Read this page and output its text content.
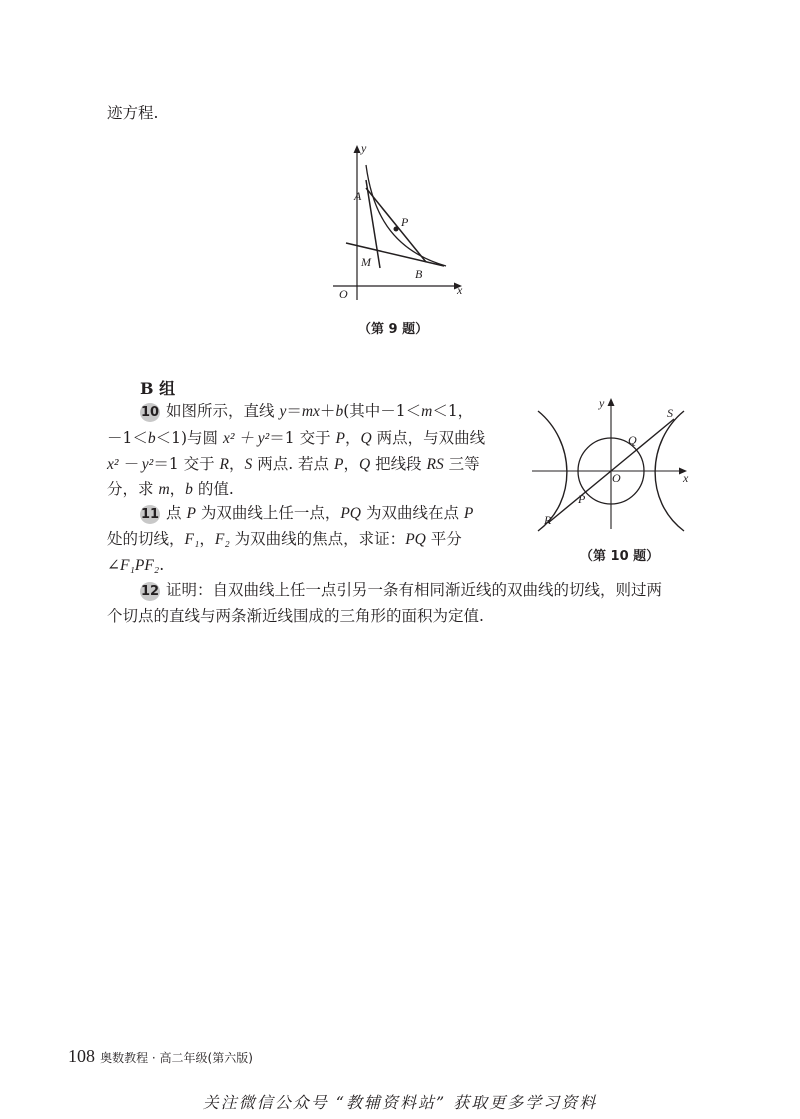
迹方程.
y
A
P
M
B
O	x
（第 9 题）
B 组
y
S
Q
O	x
P
R
（第 10 题）
10 如图所示，直线 y＝mx＋b(其中－1＜m＜1，
－1＜b＜1)与圆 x² ＋ y²＝1 交于 P，Q 两点，与双曲线
x² － y²＝1 交于 R，S 两点. 若点 P，Q 把线段 RS 三等
分，求 m，b 的值.
11 点 P 为双曲线上任一点，PQ 为双曲线在点 P
处的切线，F₁，F₂ 为双曲线的焦点，求证：PQ 平分
∠F₁PF₂.
12 证明：自双曲线上任一点引另一条有相同渐近线的双曲线的切线，则过两
个切点的直线与两条渐近线围成的三角形的面积为定值.
108 奥数教程 · 高二年级(第六版)
关注微信公众号 “教辅资料站” 获取更多学习资料
